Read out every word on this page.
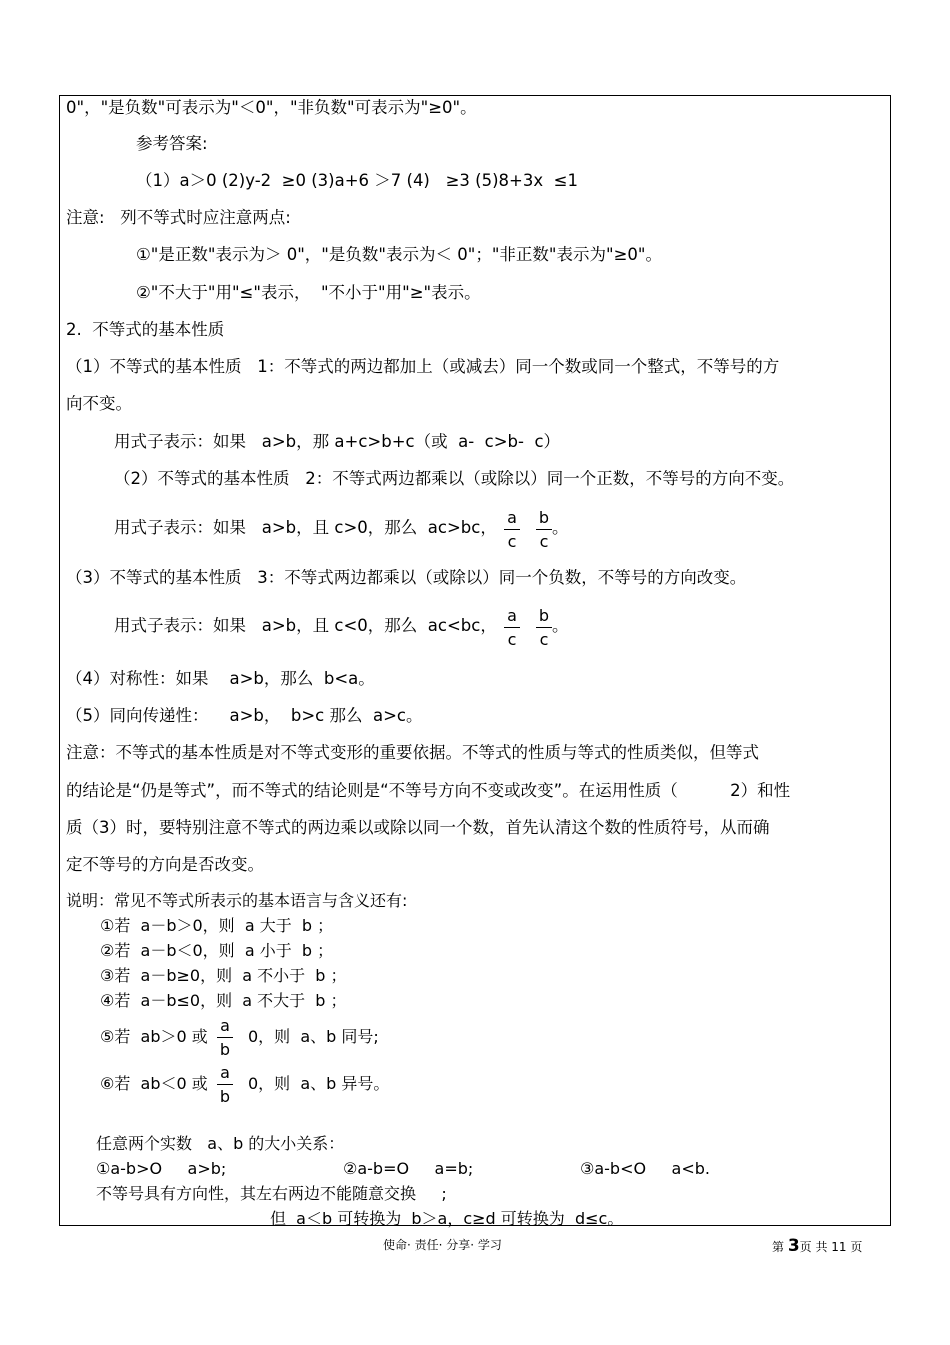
0"，"是负数"可表示为"＜0"，"非负数"可表示为"≥0"。
参考答案:
（1）a＞0 (2)y-2  ≥0 (3)a+6 ＞7 (4)   ≥3 (5)8+3x  ≤1
注意:   列不等式时应注意两点:
①"是正数"表示为＞ 0"，"是负数"表示为＜ 0"；"非正数"表示为"≥0"。
②"不大于"用"≤"表示，  "不小于"用"≥"表示。
2.  不等式的基本性质
（1）不等式的基本性质   1：不等式的两边都加上（或减去）同一个数或同一个整式，不等号的方
向不变。
用式子表示：如果   a>b，那 a+c>b+c（或  a-  c>b-  c）
（2）不等式的基本性质   2：不等式两边都乘以（或除以）同一个正数，不等号的方向不变。
用式子表示：如果   a>b，且 c>0，那么  ac>bc， $\frac{a}{c} \frac{b}{c}$ 。
（3）不等式的基本性质   3：不等式两边都乘以（或除以）同一个负数，不等号的方向改变。
用式子表示：如果   a>b，且 c<0，那么  ac<bc， $\frac{a}{c} \frac{b}{c}$ 。
（4）对称性：如果    a>b，那么  b<a。
（5）同向传递性：    a>b，  b>c 那么  a>c。
注意：不等式的基本性质是对不等式变形的重要依据。不等式的性质与等式的性质类似，但等式
的结论是“仍是等式”，而不等式的结论则是“不等号方向不变或改变”。在运用性质（          2）和性
质（3）时，要特别注意不等式的两边乘以或除以同一个数，首先认清这个数的性质符号，从而确
定不等号的方向是否改变。
说明：常见不等式所表示的基本语言与含义还有:
①若  a－b＞0，则  a 大于  b ；
②若  a－b＜0，则  a 小于  b ；
③若  a－b≥0，则  a 不小于  b ；
④若  a－b≤0，则  a 不大于  b ；
⑤若  ab＞0 或 $\frac{a}{b} 0$，则  a、b 同号;
⑥若  ab＜0 或 $\frac{a}{b} 0$，则  a、b 异号。
任意两个实数   a、b 的大小关系：
①a-b>O     a>b;	②a-b=O     a=b;	③a-b<O     a<b.
不等号具有方向性，其左右两边不能随意交换     ;
但  a＜b 可转换为  b＞a，c≥d 可转换为  d≤c。
使命· 责任· 分享· 学习	第 3页 共 11 页
